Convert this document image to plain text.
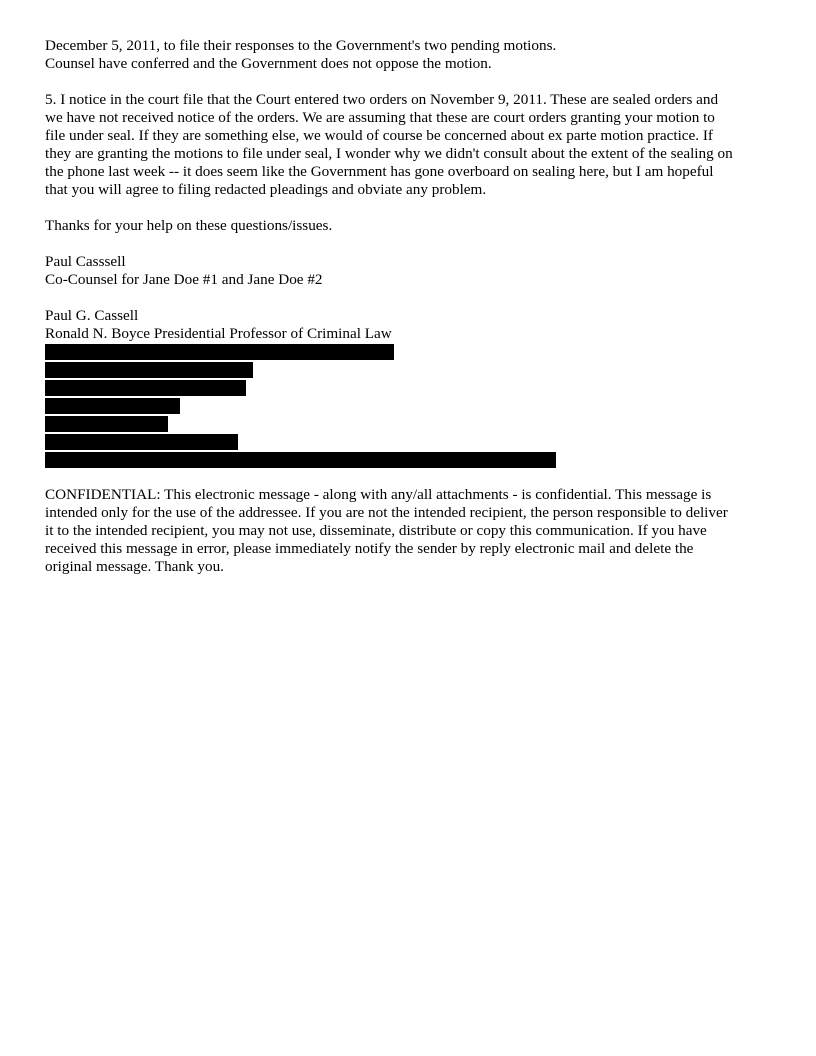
December 5, 2011, to file their responses to the Government's two pending motions.
Counsel have conferred and the Government does not oppose the motion.
5. I notice in the court file that the Court entered two orders on November 9, 2011. These are sealed orders and
we have not received notice of the orders. We are assuming that these are court orders granting your motion to
file under seal. If they are something else, we would of course be concerned about ex parte motion practice. If
they are granting the motions to file under seal, I wonder why we didn't consult about the extent of the sealing on
the phone last week -- it does seem like the Government has gone overboard on sealing here, but I am hopeful
that you will agree to filing redacted pleadings and obviate any problem.
Thanks for your help on these questions/issues.
Paul Casssell
Co-Counsel for Jane Doe #1 and Jane Doe #2
Paul G. Cassell
Ronald N. Boyce Presidential Professor of Criminal Law
CONFIDENTIAL: This electronic message - along with any/all attachments - is confidential. This message is
intended only for the use of the addressee. If you are not the intended recipient, the person responsible to deliver
it to the intended recipient, you may not use, disseminate, distribute or copy this communication. If you have
received this message in error, please immediately notify the sender by reply electronic mail and delete the
original message. Thank you.
